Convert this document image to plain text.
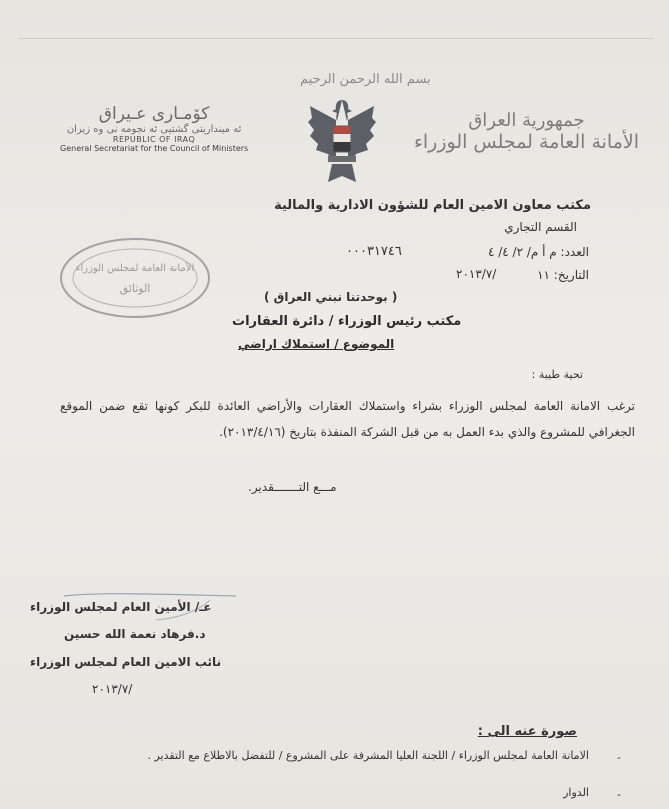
بسم الله الرحمن الرحيم
كۆمـاری عـیراق
ئه مینداریتی گشتیی ئه نجومه نی وه زیران
REPUBLIC OF IRAQ
General Secretariat for the Council of Ministers
جمهورية العراق
الأمانة العامة لمجلس الوزراء
الأمانة العامة لمجلس الوزراء
الوثائق
مكتب معاون الامين العام للشؤون الادارية والمالية
القسم التجاري
العدد: م أ م/ ٢/ ٤/ ٤
٠٠٠٣١٧٤٦
التاريخ: ١١
٢٠١٣/٧/
( بوحدتنا نبني العراق )
مكتب رئيس الوزراء / دائرة العقارات
الموضوع / استملاك اراضي
تحية طيبة :
ترغب الامانة العامة لمجلس الوزراء بشراء واستملاك العقارات والأراضي العائدة للبكر كونها تقع ضمن الموقع الجغرافي للمشروع والذي بدء العمل به من قبل الشركة المنفذة بتاريخ (٢٠١٣/٤/١٦).
مـــع التـــــــقدير.
عـ/ الأمين العام لمجلس الوزراء
د.فرهاد نعمة الله حسين
نائب الامين العام لمجلس الوزراء
٢٠١٣/٧/
صورة عنه الى :
-
الامانة العامة لمجلس الوزراء / اللجنة العليا المشرفة على المشروع / للتفضل بالاطلاع مع التقدير .
-
الدوار
